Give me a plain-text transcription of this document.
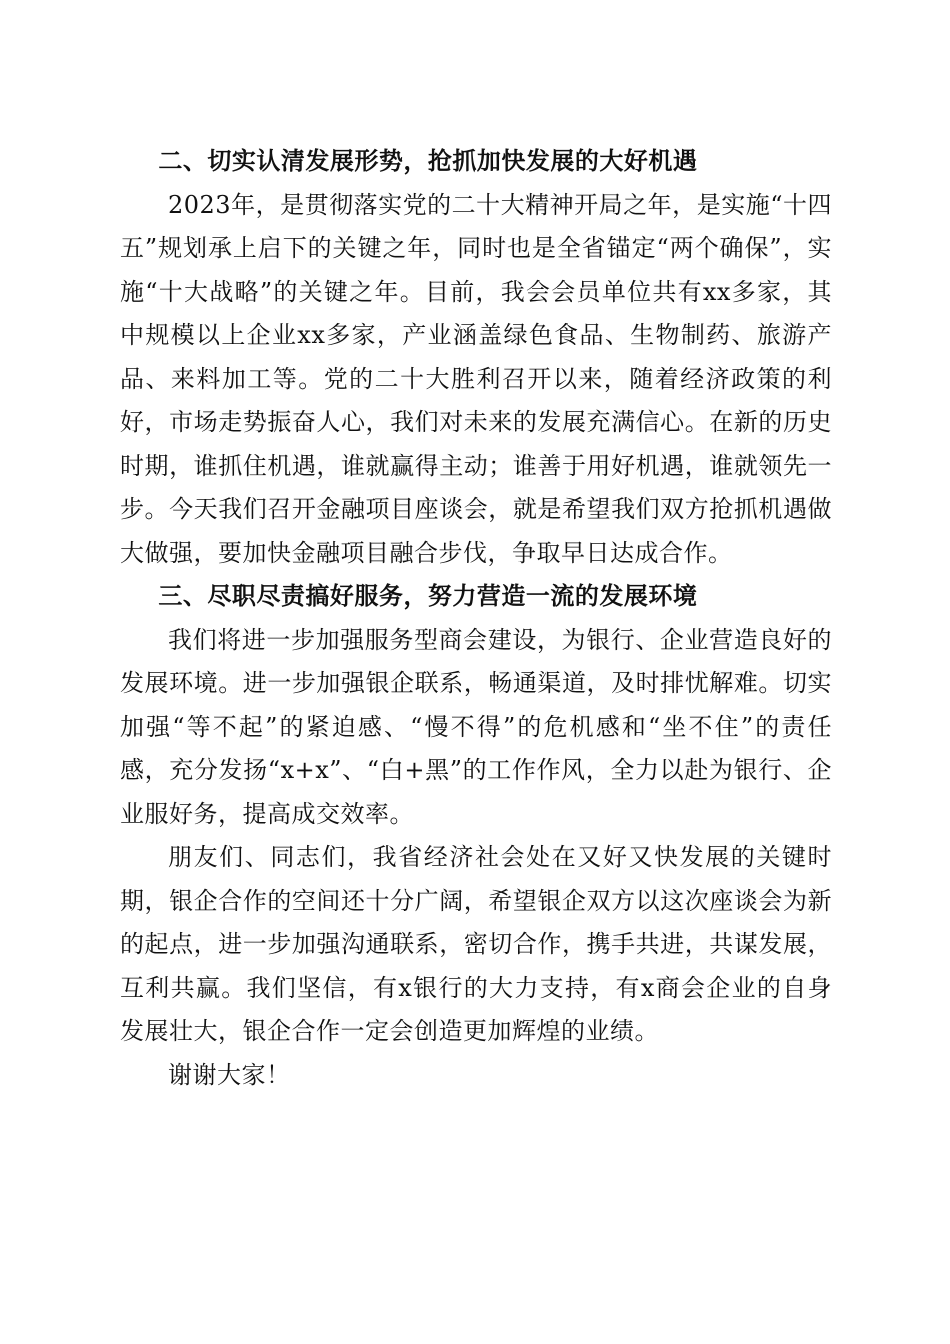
二、切实认清发展形势，抢抓加快发展的大好机遇

2023年，是贯彻落实党的二十大精神开局之年，是实施“十四五”规划承上启下的关键之年，同时也是全省锚定“两个确保”，实施“十大战略”的关键之年。目前，我会会员单位共有xx多家，其中规模以上企业xx多家，产业涵盖绿色食品、生物制药、旅游产品、来料加工等。党的二十大胜利召开以来，随着经济政策的利好，市场走势振奋人心，我们对未来的发展充满信心。在新的历史时期，谁抓住机遇，谁就赢得主动；谁善于用好机遇，谁就领先一步。今天我们召开金融项目座谈会，就是希望我们双方抢抓机遇做大做强，要加快金融项目融合步伐，争取早日达成合作。

三、尽职尽责搞好服务，努力营造一流的发展环境

我们将进一步加强服务型商会建设，为银行、企业营造良好的发展环境。进一步加强银企联系，畅通渠道，及时排忧解难。切实加强“等不起”的紧迫感、“慢不得”的危机感和“坐不住”的责任感，充分发扬“x+x”、“白+黑”的工作作风，全力以赴为银行、企业服好务，提高成交效率。

朋友们、同志们，我省经济社会处在又好又快发展的关键时期，银企合作的空间还十分广阔，希望银企双方以这次座谈会为新的起点，进一步加强沟通联系，密切合作，携手共进，共谋发展，互利共赢。我们坚信，有x银行的大力支持，有x商会企业的自身发展壮大，银企合作一定会创造更加辉煌的业绩。

谢谢大家！
